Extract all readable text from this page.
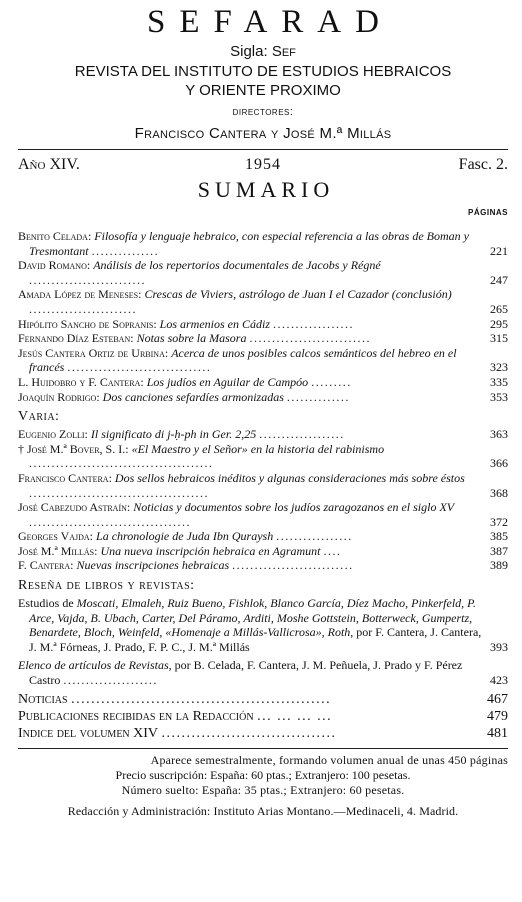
SEFARAD
Sigla: Sef
REVISTA DEL INSTITUTO DE ESTUDIOS HEBRAICOS
Y ORIENTE PROXIMO
directores:
Francisco Cantera y José M.ª Millás
Año XIV.	1954	Fasc. 2.
SUMARIO
PÁGINAS
Benito Celada: Filosofía y lenguaje hebraico, con especial referencia a las obras de Boman y Tresmontant ...............	221
David Romano: Análisis de los repertorios documentales de Jacobs y Régné ..........................	247
Amada López de Meneses: Crescas de Viviers, astrólogo de Juan I el Cazador (conclusión) ........................	265
Hipólito Sancho de Sopranis: Los armenios en Cádiz ..................	295
Fernando Díaz Esteban: Notas sobre la Masora ...........................	315
Jesús Cantera Ortiz de Urbina: Acerca de unos posibles calcos semánticos del hebreo en el francés ................................	323
L. Huidobro y F. Cantera: Los judíos en Aguilar de Campóo .........	335
Joaquín Rodrigo: Dos canciones sefardíes armonizadas ..............	353
Varia:
Eugenio Zolli: Il significato di j-ḥ-ph in Ger. 2,25 ...................	363
† José M.ª Bover, S. I.: «El Maestro y el Señor» en la historia del rabinismo .........................................	366
Francisco Cantera: Dos sellos hebraicos inéditos y algunas consideraciones más sobre éstos ........................................	368
José Cabezudo Astraín: Noticias y documentos sobre los judíos zaragozanos en el siglo XV ....................................	372
Georges Vajda: La chronologie de Juda Ibn Quraysh .................	385
José M.ª Millás: Una nueva inscripción hebraica en Agramunt ....	387
F. Cantera: Nuevas inscripciones hebraicas ...........................	389
Reseña de libros y revistas:
Estudios de Moscati, Elmaleh, Ruiz Bueno, Fishlok, Blanco García, Díez Macho, Pinkerfeld, P. Arce, Vajda, B. Ubach, Carter, Del Páramo, Arditi, Moshe Gottstein, Botterweck, Gumpertz, Benardete, Bloch, Weinfeld, «Homenaje a Millás-Vallicrosa», Roth, por F. Cantera, J. Cantera, J. M.ª Fórneas, J. Prado, F. P. C., J. M.ª Millás	393
Elenco de artículos de Revistas, por B. Celada, F. Cantera, J. M. Peñuela, J. Prado y F. Pérez Castro .....................	423
Noticias ....................................................	467
Publicaciones recibidas en la Redacción ... ... ... ...	479
Indice del volumen XIV ...................................	481
Aparece semestralmente, formando volumen anual de unas 450 páginas
Precio suscripción: España: 60 ptas.; Extranjero: 100 pesetas.
Número suelto: España: 35 ptas.; Extranjero: 60 pesetas.
Redacción y Administración: Instituto Arias Montano.—Medinaceli, 4. Madrid.
